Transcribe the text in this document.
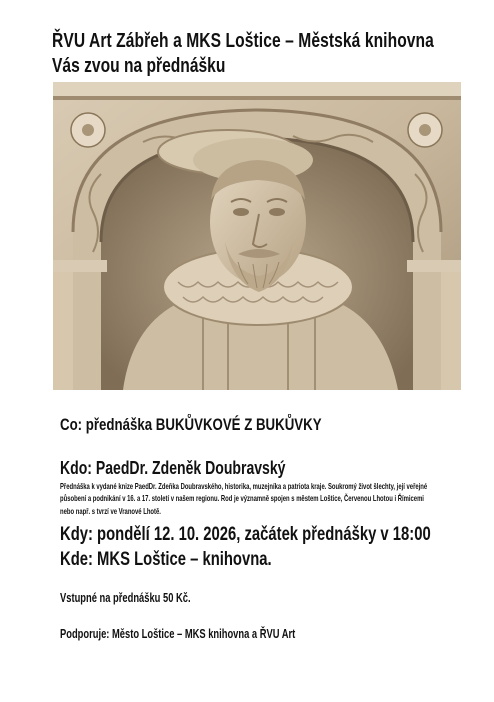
ŘVU Art Zábřeh a MKS Loštice – Městská knihovna
Vás zvou na přednášku
Co: přednáška BUKŮVKOVÉ Z BUKŮVKY
Kdo: PaedDr. Zdeněk Doubravský
Přednáška k vydané knize PaedDr. Zdeňka Doubravského, historika, muzejníka a patriota kraje. Soukromý život šlechty, její veřejné působení a podnikání v 16. a 17. století v našem regionu. Rod je významně spojen s městem Loštice, Červenou Lhotou i Římicemi nebo např. s tvrzí ve Vranové Lhotě.
Kdy: pondělí 12. 10. 2026, začátek přednášky v 18:00
Kde: MKS Loštice – knihovna.
Vstupné na přednášku 50 Kč.
Podporuje: Město Loštice – MKS knihovna a ŘVU Art
